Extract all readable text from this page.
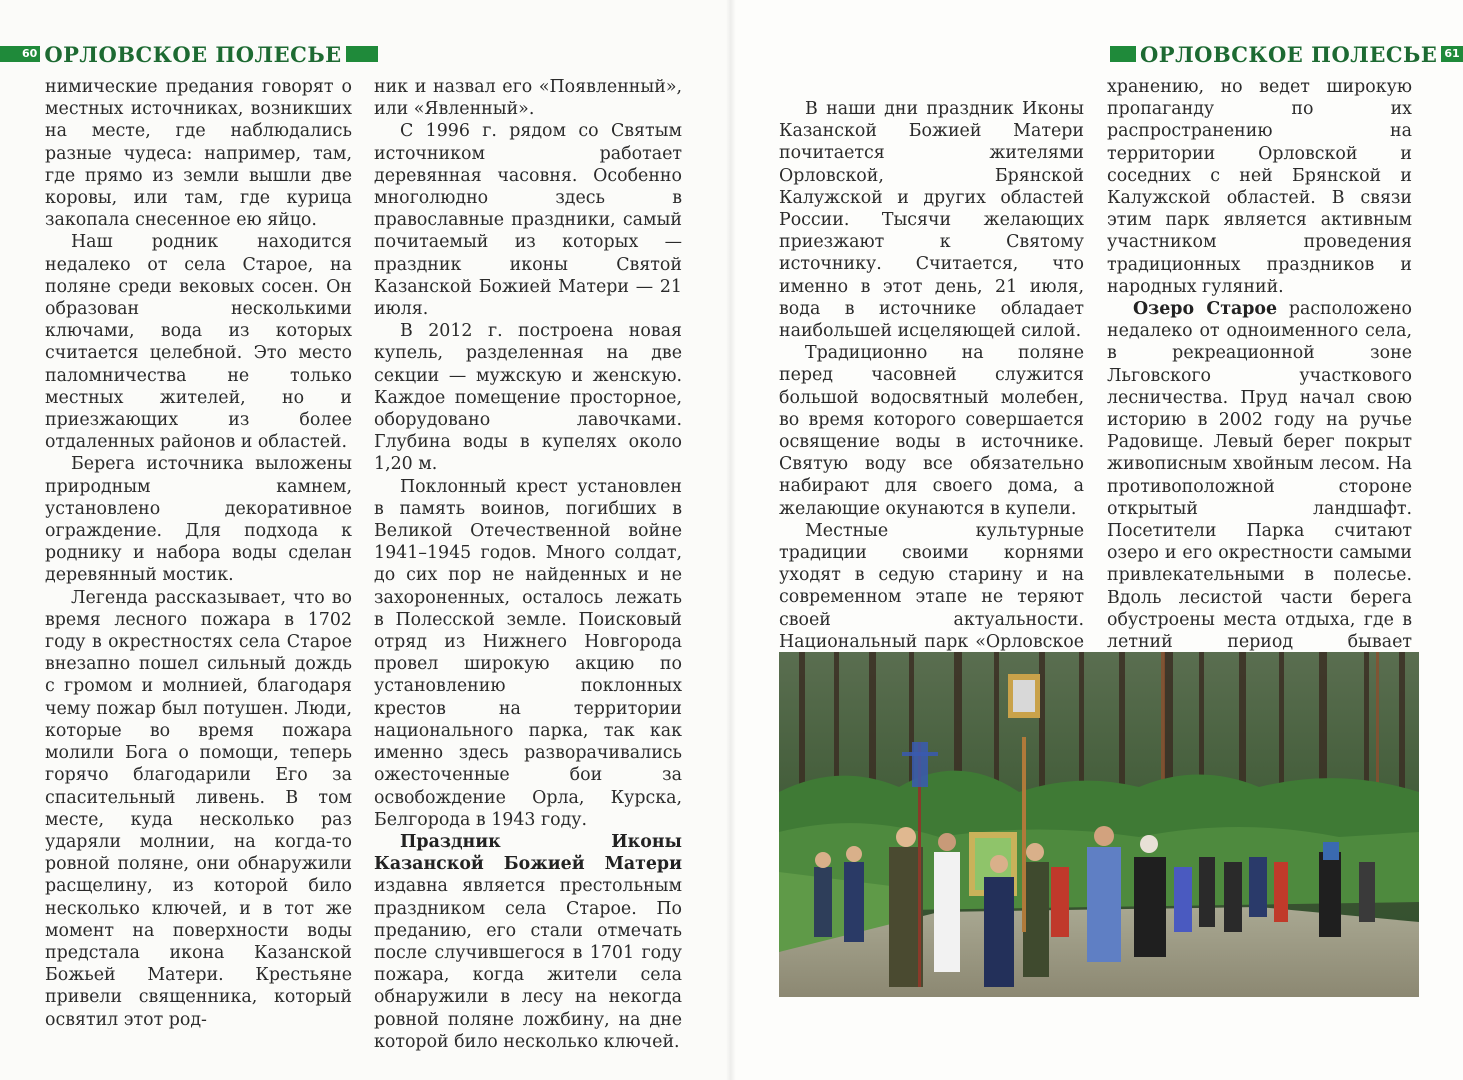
60 ОРЛОВСКОЕ ПОЛЕСЬЕ	ОРЛОВСКОЕ ПОЛЕСЬЕ 61

нимические предания говорят о местных источниках, возникших на месте, где наблюдались разные чудеса: например, там, где прямо из земли вышли две коровы, или там, где курица закопала снесенное ею яйцо.

Наш родник находится недалеко от села Старое, на поляне среди вековых сосен. Он образован несколькими ключами, вода из которых считается целебной. Это место паломничества не только местных жителей, но и приезжающих из более отдаленных районов и областей.

Берега источника выложены природным камнем, установлено декоративное ограждение. Для подхода к роднику и набора воды сделан деревянный мостик.

Легенда рассказывает, что во время лесного пожара в 1702 году в окрестностях села Старое внезапно пошел сильный дождь с громом и молнией, благодаря чему пожар был потушен. Люди, которые во время пожара молили Бога о помощи, теперь горячо благодарили Его за спасительный ливень. В том месте, куда несколько раз ударяли молнии, на когда-то ровной поляне, они обнаружили расщелину, из которой било несколько ключей, и в тот же момент на поверхности воды предстала икона Казанской Божьей Матери. Крестьяне привели священника, который освятил этот род-

ник и назвал его «Появленный», или «Явленный».

С 1996 г. рядом со Святым источником работает деревянная часовня. Особенно многолюдно здесь в православные праздники, самый почитаемый из которых — праздник иконы Святой Казанской Божией Матери — 21 июля.

В 2012 г. построена новая купель, разделенная на две секции — мужскую и женскую. Каждое помещение просторное, оборудовано лавочками. Глубина воды в купелях около 1,20 м.

Поклонный крест установлен в память воинов, погибших в Великой Отечественной войне 1941–1945 годов. Много солдат, до сих пор не найденных и не захороненных, осталось лежать в Полесской земле. Поисковый отряд из Нижнего Новгорода провел широкую акцию по установлению поклонных крестов на территории национального парка, так как именно здесь разворачивались ожесточенные бои за освобождение Орла, Курска, Белгорода в 1943 году.

Праздник Иконы Казанской Божией Матери издавна является престольным праздником села Старое. По преданию, его стали отмечать после случившегося в 1701 году пожара, когда жители села обнаружили в лесу на некогда ровной поляне ложбину, на дне которой било несколько ключей.

В наши дни праздник Иконы Казанской Божией Матери почитается жителями Орловской, Брянской Калужской и других областей России. Тысячи желающих приезжают к Святому источнику. Считается, что именно в этот день, 21 июля, вода в источнике обладает наибольшей исцеляющей силой.

Традиционно на поляне перед часовней служится большой водосвятный молебен, во время которого совершается освящение воды в источнике. Святую воду все обязательно набирают для своего дома, а желающие окунаются в купели.

Местные культурные традиции своими корнями уходят в седую старину и на современном этапе не теряют своей актуальности. Национальный парк «Орловское

хранению, но ведет широкую пропаганду по их распространению на территории Орловской и соседних с ней Брянской и Калужской областей. В связи этим парк является активным участником проведения традиционных праздников и народных гуляний.

Озеро Старое расположено недалеко от одноименного села, в рекреационной зоне Льговского участкового лесничества. Пруд начал свою историю в 2002 году на ручье Радовище. Левый берег покрыт живописным хвойным лесом. На противоположной стороне открытый ландшафт. Посетители Парка считают озеро и его окрестности самыми привлекательными в полесье. Вдоль лесистой части берега обустроены места отдыха, где в летний период бывает
